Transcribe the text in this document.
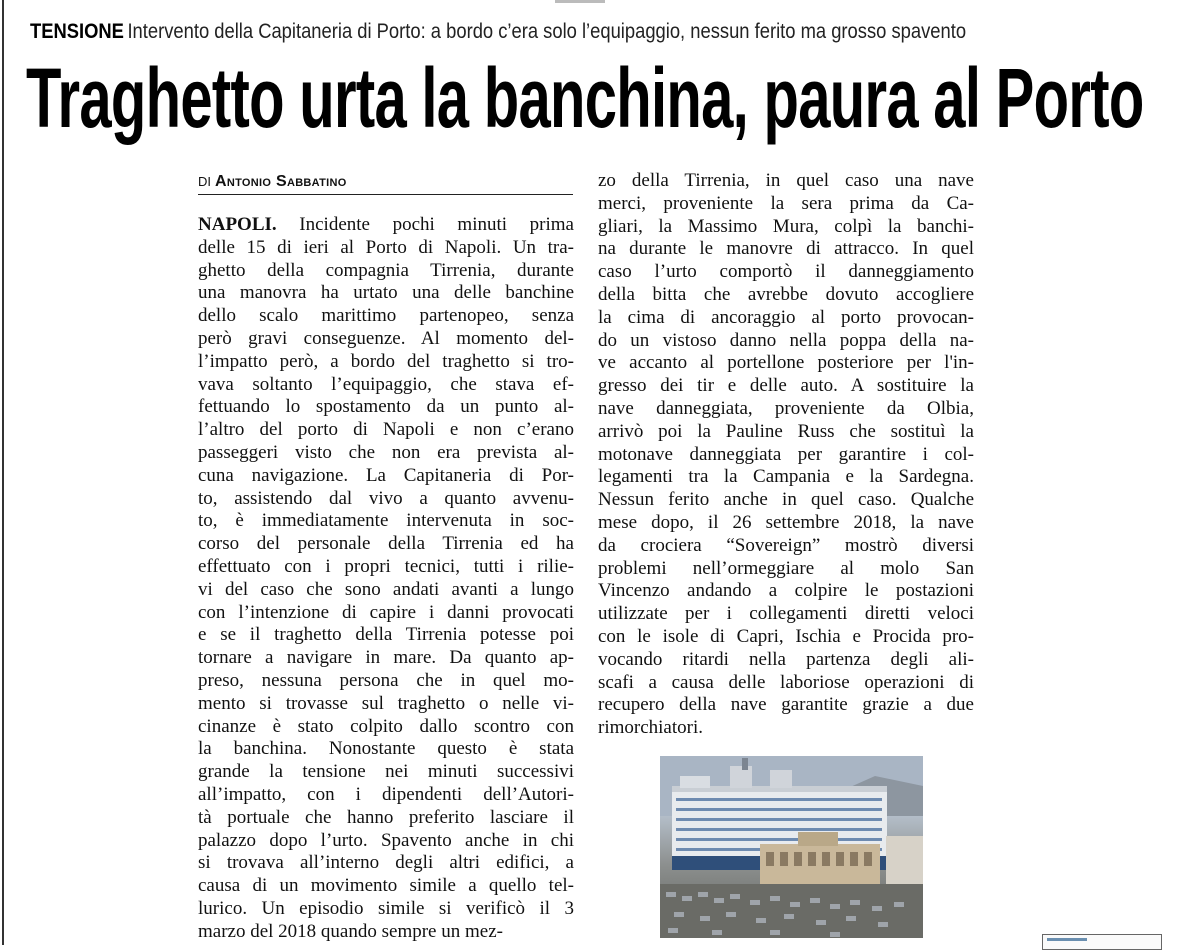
TENSIONE Intervento della Capitaneria di Porto: a bordo c’era solo l’equipaggio, nessun ferito ma grosso spavento
Traghetto urta la banchina, paura al Porto
DI Antonio Sabbatino
NAPOLI. Incidente pochi minuti prima
delle 15 di ieri al Porto di Napoli. Un tra-
ghetto della compagnia Tirrenia, durante
una manovra ha urtato una delle banchine
dello scalo marittimo partenopeo, senza
però gravi conseguenze. Al momento del-
l’impatto però, a bordo del traghetto si tro-
vava soltanto l’equipaggio, che stava ef-
fettuando lo spostamento da un punto al-
l’altro del porto di Napoli e non c’erano
passeggeri visto che non era prevista al-
cuna navigazione. La Capitaneria di Por-
to, assistendo dal vivo a quanto avvenu-
to, è immediatamente intervenuta in soc-
corso del personale della Tirrenia ed ha
effettuato con i propri tecnici, tutti i rilie-
vi del caso che sono andati avanti a lungo
con l’intenzione di capire i danni provocati
e se il traghetto della Tirrenia potesse poi
tornare a navigare in mare. Da quanto ap-
preso, nessuna persona che in quel mo-
mento si trovasse sul traghetto o nelle vi-
cinanze è stato colpito dallo scontro con
la banchina. Nonostante questo è stata
grande la tensione nei minuti successivi
all’impatto, con i dipendenti dell’Autori-
tà portuale che hanno preferito lasciare il
palazzo dopo l’urto. Spavento anche in chi
si trovava all’interno degli altri edifici, a
causa di un movimento simile a quello tel-
lurico. Un episodio simile si verificò il 3
marzo del 2018 quando sempre un mez-
zo della Tirrenia, in quel caso una nave
merci, proveniente la sera prima da Ca-
gliari, la Massimo Mura, colpì la banchi-
na durante le manovre di attracco. In quel
caso l’urto comportò il danneggiamento
della bitta che avrebbe dovuto accogliere
la cima di ancoraggio al porto provocan-
do un vistoso danno nella poppa della na-
ve accanto al portellone posteriore per l'in-
gresso dei tir e delle auto. A sostituire la
nave danneggiata, proveniente da Olbia,
arrivò poi la Pauline Russ che sostituì la
motonave danneggiata per garantire i col-
legamenti tra la Campania e la Sardegna.
Nessun ferito anche in quel caso. Qualche
mese dopo, il 26 settembre 2018, la nave
da crociera “Sovereign” mostrò diversi
problemi nell’ormeggiare al molo San
Vincenzo andando a colpire le postazioni
utilizzate per i collegamenti diretti veloci
con le isole di Capri, Ischia e Procida pro-
vocando ritardi nella partenza degli ali-
scafi a causa delle laboriose operazioni di
recupero della nave garantite grazie a due
rimorchiatori.
